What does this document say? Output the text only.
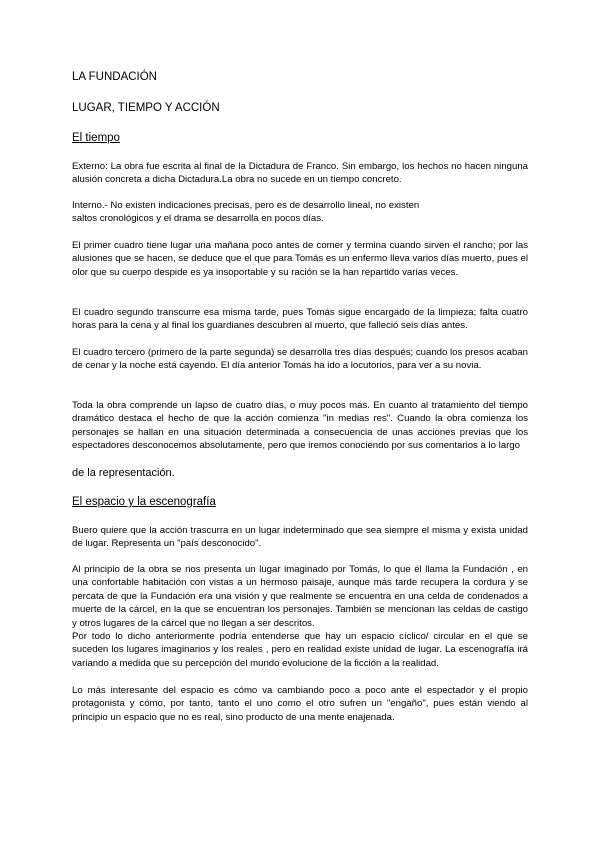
LA FUNDACIÓN
LUGAR, TIEMPO Y ACCIÓN
El tiempo
Externo: La obra fue escrita al final de la Dictadura de Franco. Sin embargo, los hechos no hacen ninguna alusión concreta a dicha Dictadura.La obra no sucede en un tiempo concreto.
Interno.- No existen indicaciones precisas, pero es de desarrollo lineal, no existen saltos cronológicos y el drama se desarrolla en pocos días.
El primer cuadro tiene lugar una mañana poco antes de comer y termina cuando sirven el rancho; por las alusiones que se hacen, se deduce que el que para Tomás es un enfermo lleva varios días muerto, pues el olor que su cuerpo despide es ya insoportable y su ración se la han repartido varias veces.
El cuadro segundo transcurre esa misma tarde, pues Tomás sigue encargado de la limpieza; falta cuatro horas para la cena y al final los guardianes descubren al muerto, que falleció seis días antes.
El cuadro tercero (primero de la parte segunda) se desarrolla tres días después; cuando los presos acaban de cenar y la noche está cayendo. El día anterior Tomás ha ido a locutorios, para ver a su novia.
Toda la obra comprende un lapso de cuatro días, o muy pocos más. En cuanto al tratamiento del tiempo dramático destaca el hecho de que la acción comienza "in medias res". Cuando la obra comienza los personajes se hallan en una situación determinada a consecuencia de unas acciones previas que los espectadores desconocemos absolutamente, pero que iremos conociendo por sus comentarios a lo largo
de la representación.
El espacio y la escenografía
Buero quiere que la acción trascurra en un lugar indeterminado que sea siempre el misma y exista unidad de lugar. Representa un "país desconocido".
Al principio de la obra se nos presenta un lugar imaginado por Tomás, lo que él llama la Fundación , en una confortable habitación con vistas a un hermoso paisaje, aunque más tarde recupera la cordura y se percata de que la Fundación era una visión y que realmente se encuentra en una celda de condenados a muerte de la cárcel, en la que se encuentran los personajes. También se mencionan las celdas de castigo y otros lugares de la cárcel que no llegan a ser descritos.
Por todo lo dicho anteriormente podría entenderse que hay un espacio cíclico/ circular en el que se suceden los lugares imaginarios y los reales , pero en realidad existe unidad de lugar. La escenografía irá variando a medida que su percepción del mundo evolucione de la ficción a la realidad.
Lo más interesante del espacio es cómo va cambiando poco a poco ante el espectador y el propio protagonista y cómo, por tanto, tanto el uno como el otro sufren un "engaño", pues están viendo al principio un espacio que no es real, sino producto de una mente enajenada.
